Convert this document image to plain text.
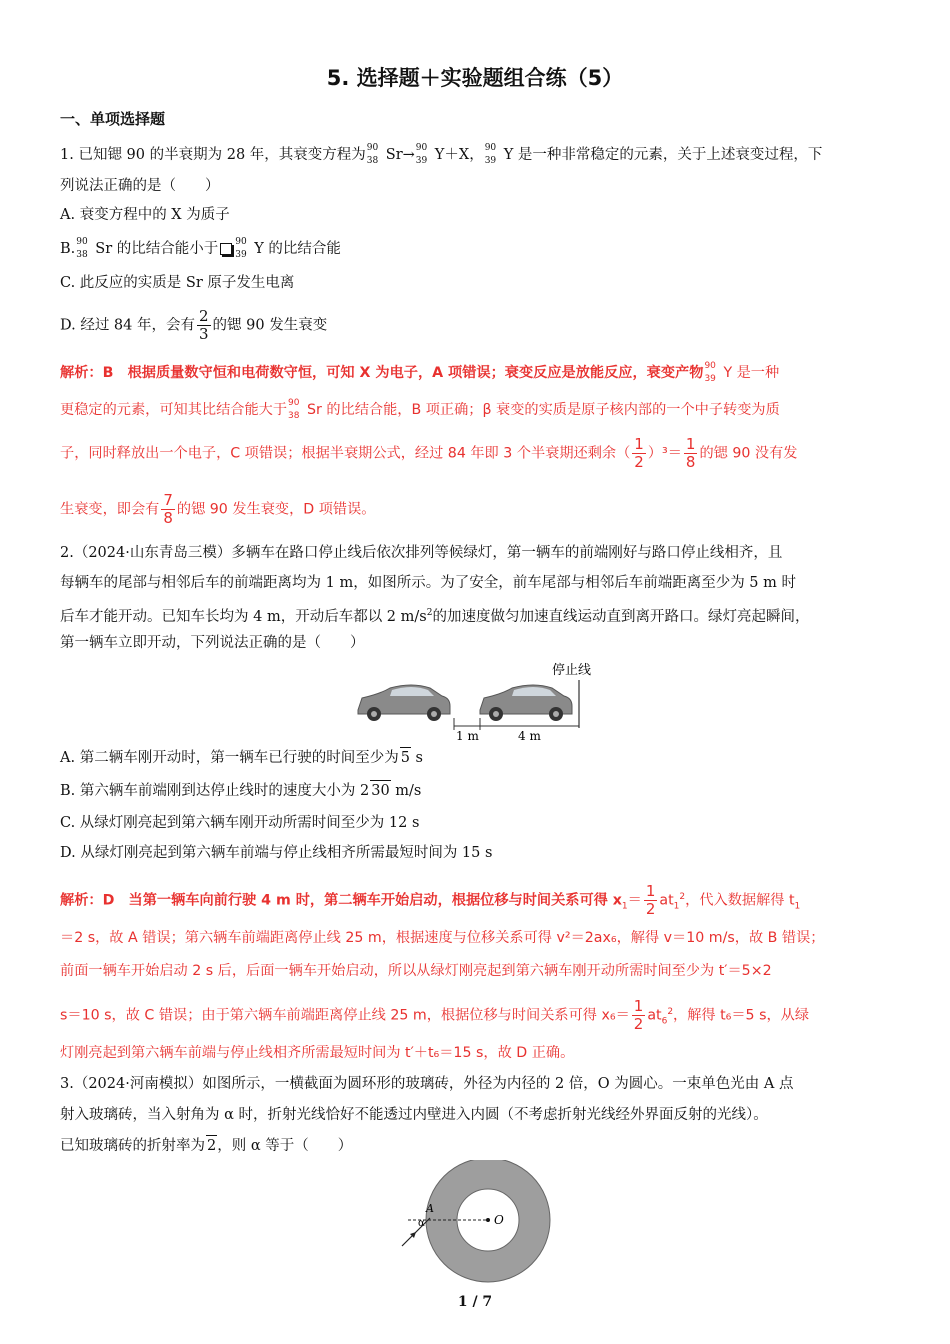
5. 选择题＋实验题组合练（5）
一、单项选择题
1. 已知锶 90 的半衰期为 28 年，其衰变方程为 90
38 Sr→ 90
39 Y＋X， 90
39 Y 是一种非常稳定的元素，关于上述衰变过程，下
列说法正确的是（　　）
A. 衰变方程中的 X 为质子
B. 90
38 Sr 的比结合能小于 90
39 Y 的比结合能
C. 此反应的实质是 Sr 原子发生电离
D. 经过 84 年，会有 $\frac{2}{3}$ 的锶 90 发生衰变
解析：B　根据质量数守恒和电荷数守恒，可知 X 为电子，A 项错误；衰变反应是放能反应，衰变产物 90
39 Y 是一种
更稳定的元素，可知其比结合能大于 90
38 Sr 的比结合能，B 项正确；β 衰变的实质是原子核内部的一个中子转变为质
子，同时释放出一个电子，C 项错误；根据半衰期公式，经过 84 年即 3 个半衰期还剩余（ $\frac{1}{2} )^3= \frac{1}{8}$ 的锶 90 没有发
生衰变，即会有 $\frac{7}{8}$ 的锶 90 发生衰变，D 项错误。
2.（2024·山东青岛三模）多辆车在路口停止线后依次排列等候绿灯，第一辆车的前端刚好与路口停止线相齐，且
每辆车的尾部与相邻后车的前端距离均为 1 m，如图所示。为了安全，前车尾部与相邻后车前端距离至少为 5 m 时
后车才能开动。已知车长均为 4 m，开动后车都以 2 $m/s^2$的加速度做匀加速直线运动直到离开路口。绿灯亮起瞬间，
第一辆车立即开动，下列说法正确的是（　　）
停止线
1 m	4 m
A. 第二辆车刚开动时，第一辆车已行驶的时间至少为 5 s
B. 第六辆车前端刚到达停止线时的速度大小为 2 30 m/s
C. 从绿灯刚亮起到第六辆车刚开动所需时间至少为 12 s
D. 从绿灯刚亮起到第六辆车前端与停止线相齐所需最短时间为 15 s
解析：D　当第一辆车向前行驶 4 m 时，第二辆车开始启动，根据位移与时间关系可得 $x_1= \frac{1}{2} at_1^2$，代入数据解得 $t_1$
＝2 s，故 A 错误；第六辆车前端距离停止线 25 m，根据速度与位移关系可得 v²＝2ax₆，解得 v＝10 m/s，故 B 错误；
前面一辆车开始启动 2 s 后，后面一辆车开始启动，所以从绿灯刚亮起到第六辆车刚开动所需时间至少为 t′＝5×2
s＝10 s，故 C 错误；由于第六辆车前端距离停止线 25 m，根据位移与时间关系可得 $x_6= \frac{1}{2} at_6^2$，解得 t₆＝5 s，从绿
灯刚亮起到第六辆车前端与停止线相齐所需最短时间为 t′＋t₆＝15 s，故 D 正确。
3.（2024·河南模拟）如图所示，一横截面为圆环形的玻璃砖，外径为内径的 2 倍，O 为圆心。一束单色光由 A 点
射入玻璃砖，当入射角为 α 时，折射光线恰好不能透过内壁进入内圆（不考虑折射光线经外界面反射的光线）。
已知玻璃砖的折射率为 2，则 α 等于（　　）
A
α	O
1 / 7
